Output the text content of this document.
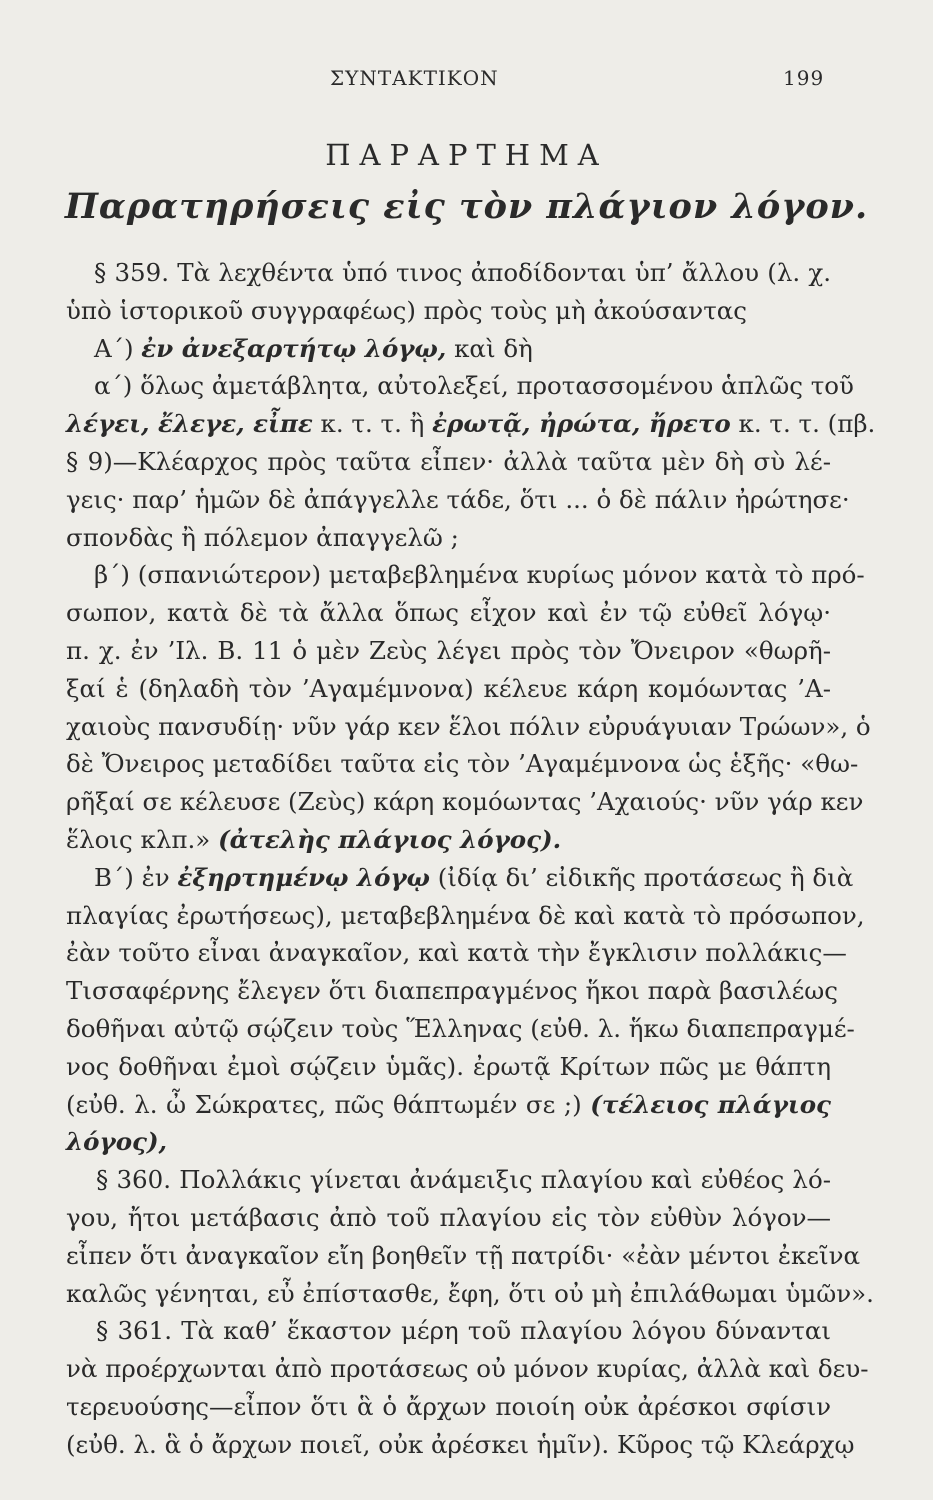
ΣΥΝΤΑΚΤΙΚΟΝ	199
ΠΑΡΑΡΤΗΜΑ
Παρατηρήσεις εἰς τὸν πλάγιον λόγον.
§ 359. Τὰ λεχθέντα ὑπό τινος ἀποδίδονται ὑπ’ ἄλλου (λ. χ.
ὑπὸ ἱστορικοῦ συγγραφέως) πρὸς τοὺς μὴ ἀκούσαντας
Α΄) ἐν ἀνεξαρτήτῳ λόγῳ, καὶ δὴ
α΄) ὅλως ἀμετάβλητα, αὐτολεξεί, προτασσομένου ἁπλῶς τοῦ
λέγει, ἔλεγε, εἶπε κ. τ. τ. ἢ ἐρωτᾷ, ἠρώτα, ἤρετο κ. τ. τ. (πβ.
§ 9)—Κλέαρχος πρὸς ταῦτα εἶπεν· ἀλλὰ ταῦτα μὲν δὴ σὺ λέ-
γεις· παρ’ ἡμῶν δὲ ἀπάγγελλε τάδε, ὅτι ... ὁ δὲ πάλιν ἠρώτησε·
σπονδὰς ἢ πόλεμον ἀπαγγελῶ ;
β΄) (σπανιώτερον) μεταβεβλημένα κυρίως μόνον κατὰ τὸ πρό-
σωπον, κατὰ δὲ τὰ ἄλλα ὅπως εἶχον καὶ ἐν τῷ εὐθεῖ λόγῳ·
π. χ. ἐν ’Ιλ. Β. 11 ὁ μὲν Ζεὺς λέγει πρὸς τὸν Ὄνειρον «θωρῆ-
ξαί ἑ (δηλαδὴ τὸν ’Αγαμέμνονα) κέλευε κάρη κομόωντας ’Α-
χαιοὺς πανσυδίῃ· νῦν γάρ κεν ἕλοι πόλιν εὐρυάγυιαν Τρώων», ὁ
δὲ Ὄνειρος μεταδίδει ταῦτα εἰς τὸν ’Αγαμέμνονα ὡς ἑξῆς· «θω-
ρῆξαί σε κέλευσε (Ζεὺς) κάρη κομόωντας ’Αχαιούς· νῦν γάρ κεν
ἕλοις κλπ.» (ἀτελὴς πλάγιος λόγος).
Β΄) ἐν ἐξηρτημένῳ λόγῳ (ἰδίᾳ δι’ εἰδικῆς προτάσεως ἢ διὰ
πλαγίας ἐρωτήσεως), μεταβεβλημένα δὲ καὶ κατὰ τὸ πρόσωπον,
ἐὰν τοῦτο εἶναι ἀναγκαῖον, καὶ κατὰ τὴν ἔγκλισιν πολλάκις—
Τισσαφέρνης ἔλεγεν ὅτι διαπεπραγμένος ἥκοι παρὰ βασιλέως
δοθῆναι αὐτῷ σῴζειν τοὺς Ἕλληνας (εὐθ. λ. ἥκω διαπεπραγμέ-
νος δοθῆναι ἐμοὶ σῴζειν ὑμᾶς). ἐρωτᾷ Κρίτων πῶς με θάπτη
(εὐθ. λ. ὦ Σώκρατες, πῶς θάπτωμέν σε ;) (τέλειος πλάγιος
λόγος),
§ 360. Πολλάκις γίνεται ἀνάμειξις πλαγίου καὶ εὐθέος λό-
γου, ἤτοι μετάβασις ἀπὸ τοῦ πλαγίου εἰς τὸν εὐθὺν λόγον—
εἶπεν ὅτι ἀναγκαῖον εἴη βοηθεῖν τῇ πατρίδι· «ἐὰν μέντοι ἐκεῖνα
καλῶς γένηται, εὖ ἐπίστασθε, ἔφη, ὅτι οὐ μὴ ἐπιλάθωμαι ὑμῶν».
§ 361. Τὰ καθ’ ἕκαστον μέρη τοῦ πλαγίου λόγου δύνανται
νὰ προέρχωνται ἀπὸ προτάσεως οὐ μόνον κυρίας, ἀλλὰ καὶ δευ-
τερευούσης—εἶπον ὅτι ἃ ὁ ἄρχων ποιοίη οὐκ ἀρέσκοι σφίσιν
(εὐθ. λ. ἃ ὁ ἄρχων ποιεῖ, οὐκ ἀρέσκει ἡμῖν). Κῦρος τῷ Κλεάρχῳ
